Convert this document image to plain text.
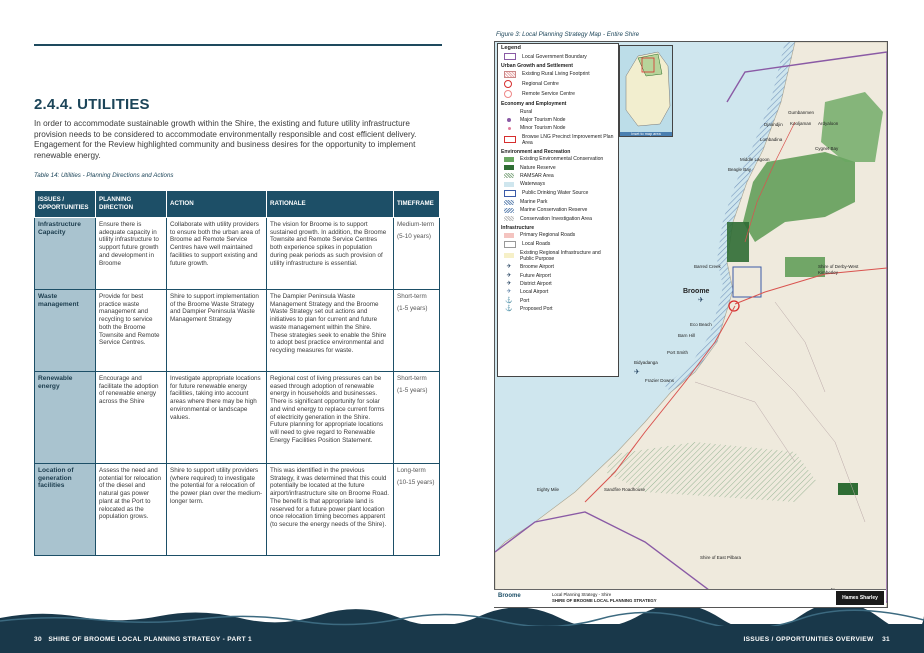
2.4.4. UTILITIES
In order to accommodate sustainable growth within the Shire, the existing and future utility infrastructure provision needs to be considered to accommodate environmentally responsible and cost efficient delivery. Engagement for the Review highlighted community and business desires for the opportunity to implement renewable energy.
Table 14: Utilities - Planning Directions and Actions
ISSUES / OPPORTUNITIES	PLANNING DIRECTION	ACTION	RATIONALE	TIMEFRAME
Infrastructure Capacity	Ensure there is adequate capacity in utility infrastructure to support future growth and development in Broome	Collaborate with utility providers to ensure both the urban area of Broome ad Remote Service Centres have well maintained facilities to support existing and future growth.	The vision for Broome is to support sustained growth. In addition, the Broome Townsite and Remote Service Centres both experience spikes in population during peak periods as such provision of utility infrastructure is essential.	Medium-term
(5-10 years)

Waste management	Provide for best practice waste management and recycling to service both the Broome Townsite and Remote Service Centres.	Shire to support implementation of the Broome Waste Strategy and Dampier Peninsula Waste Management Strategy	The Dampier Peninsula Waste Management Strategy and the Broome Waste Strategy set out actions and initiatives to plan for current and future waste management within the Shire. These strategies seek to enable the Shire to adopt best practice environmental and recycling measures for waste.	Short-term
(1-5 years)

Renewable energy	Encourage and facilitate the adoption of renewable energy across the Shire	Investigate appropriate locations for future renewable energy facilities, taking into account areas where there may be high environmental or landscape values.	Regional cost of living pressures can be eased through adoption of renewable energy in households and businesses. There is significant opportunity for solar and wind energy to replace current forms of electricity generation in the Shire. Future planning for appropriate locations will need to give regard to Renewable Energy Facilities Position Statement.	Short-term
(1-5 years)

Location of generation facilities	Assess the need and potential for relocation of the diesel and natural gas power plant at the Port to relocated as the population grows.	Shire to support utility providers (where required) to investigate the potential for a relocation of the power plan over the medium-longer term.	This was identified in the previous Strategy, it was determined that this could potentially be located at the future airport/infrastructure site on Broome Road. The benefit is that appropriate land is reserved for a future power plant location once relocation timing becomes apparent (to secure the energy needs of the Shire).	Long-term
(10-15 years)
Figure 3: Local Planning Strategy Map - Entire Shire
Inset to map area
Legend
Local Government Boundary
Urban Growth and Settlement
Existing Rural Living Footprint
Regional Centre
Remote Service Centre
Economy and Employment
Rural
Major Tourism Node
Minor Tourism Node
Browse LNG Precinct Improvement Plan Area
Environment and Recreation
Existing Environmental Conservation
Nature Reserve
RAMSAR Area
Waterways
Public Drinking Water Source
Marine Park
Marine Conservation Reserve
Conservation Investigation Area
Infrastructure
Primary Regional Roads
Local Roads
Existing Regional Infrastructure and Public Purpose
✈	Broome Airport
✈	Future Airport
✈	District Airport
✈	Local Airport
⚓ Port
⚓ Proposed Port
Gumbanmen
Djarindjin Kooljaman Ardyaloon
Lombadina
Cygnet Bay
Middle Lagoon
Beagle Bay
Barred Creek
Broome
Eco Beach
Barn Hill
Port Smith
Bidyadanga
Frazier Downs
Eighty Mile	Sandfire Roadhouse
Shire of Derby-West Kimberley
Shire of East Pilbara
✈
✈
Broome	Local Planning Strategy - Shire
SHIRE OF BROOME LOCAL PLANNING STRATEGY	Hames Sharley
30 SHIRE OF BROOME LOCAL PLANNING STRATEGY - PART 1	ISSUES / OPPORTUNITIES OVERVIEW 31
